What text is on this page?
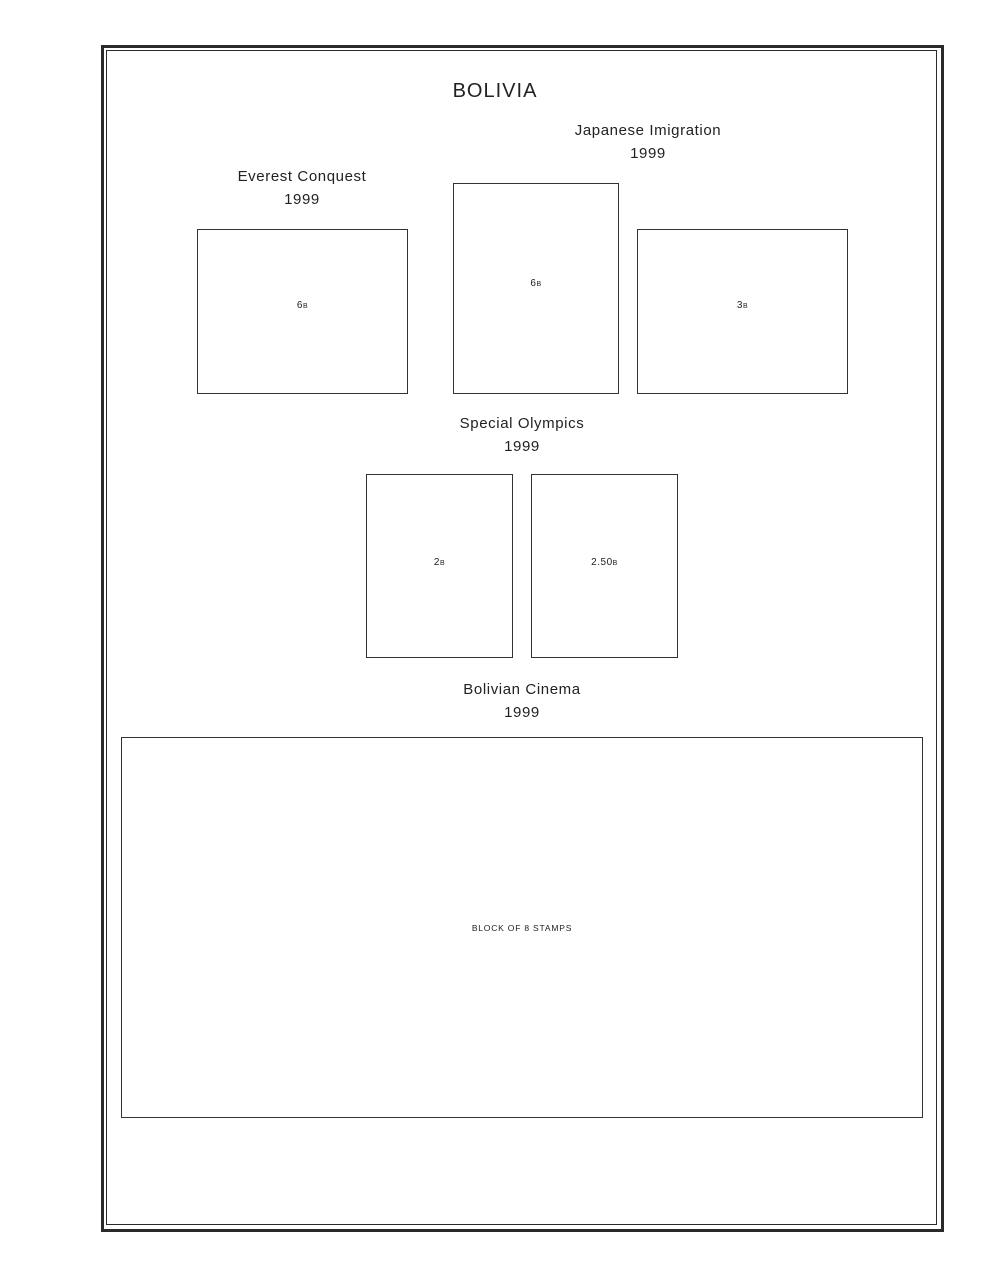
BOLIVIA
Everest Conquest
1999
6B
Japanese Imigration
1999
6B
3B
Special Olympics
1999
2B	2.50B
Bolivian Cinema
1999
BLOCK OF 8 STAMPS
